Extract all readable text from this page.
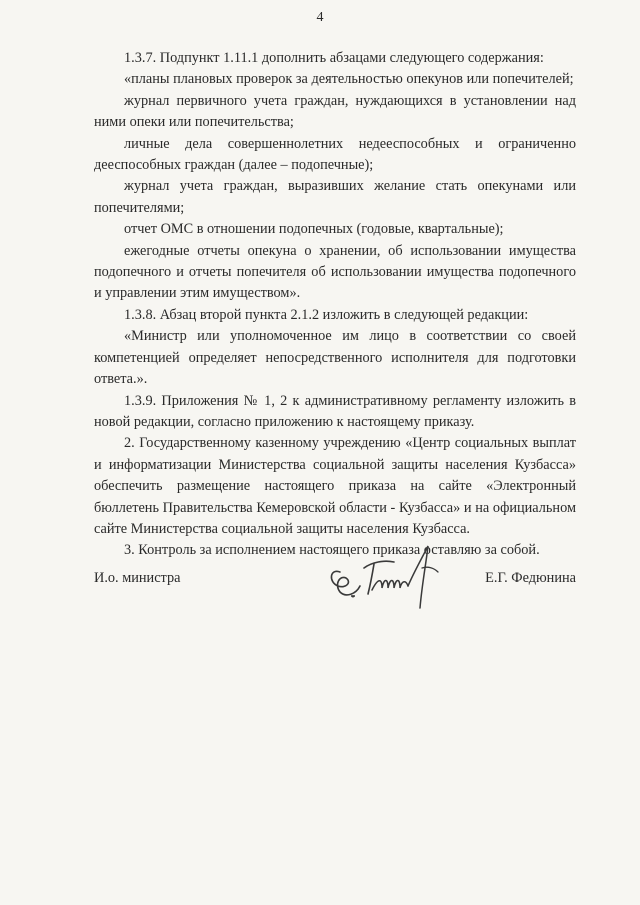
4

1.3.7. Подпункт 1.11.1 дополнить абзацами следующего содержания:

«планы плановых проверок за деятельностью опекунов или попечителей;

журнал первичного учета граждан, нуждающихся в установлении над ними опеки или попечительства;

личные дела совершеннолетних недееспособных и ограниченно дееспособных граждан (далее – подопечные);

журнал учета граждан, выразивших желание стать опекунами или попечителями;

отчет ОМС в отношении подопечных (годовые, квартальные);

ежегодные отчеты опекуна о хранении, об использовании имущества подопечного и отчеты попечителя об использовании имущества подопечного и управлении этим имуществом».

1.3.8. Абзац второй пункта 2.1.2 изложить в следующей редакции:

«Министр или уполномоченное им лицо в соответствии со своей компетенцией определяет непосредственного исполнителя для подготовки ответа.».

1.3.9. Приложения № 1, 2 к административному регламенту изложить в новой редакции, согласно приложению к настоящему приказу.

2. Государственному казенному учреждению «Центр социальных выплат и информатизации Министерства социальной защиты населения Кузбасса» обеспечить размещение настоящего приказа на сайте «Электронный бюллетень Правительства Кемеровской области - Кузбасса» и на официальном сайте Министерства социальной защиты населения Кузбасса.

3. Контроль за исполнением настоящего приказа оставляю за собой.

И.о. министра	Е.Г. Федюнина
